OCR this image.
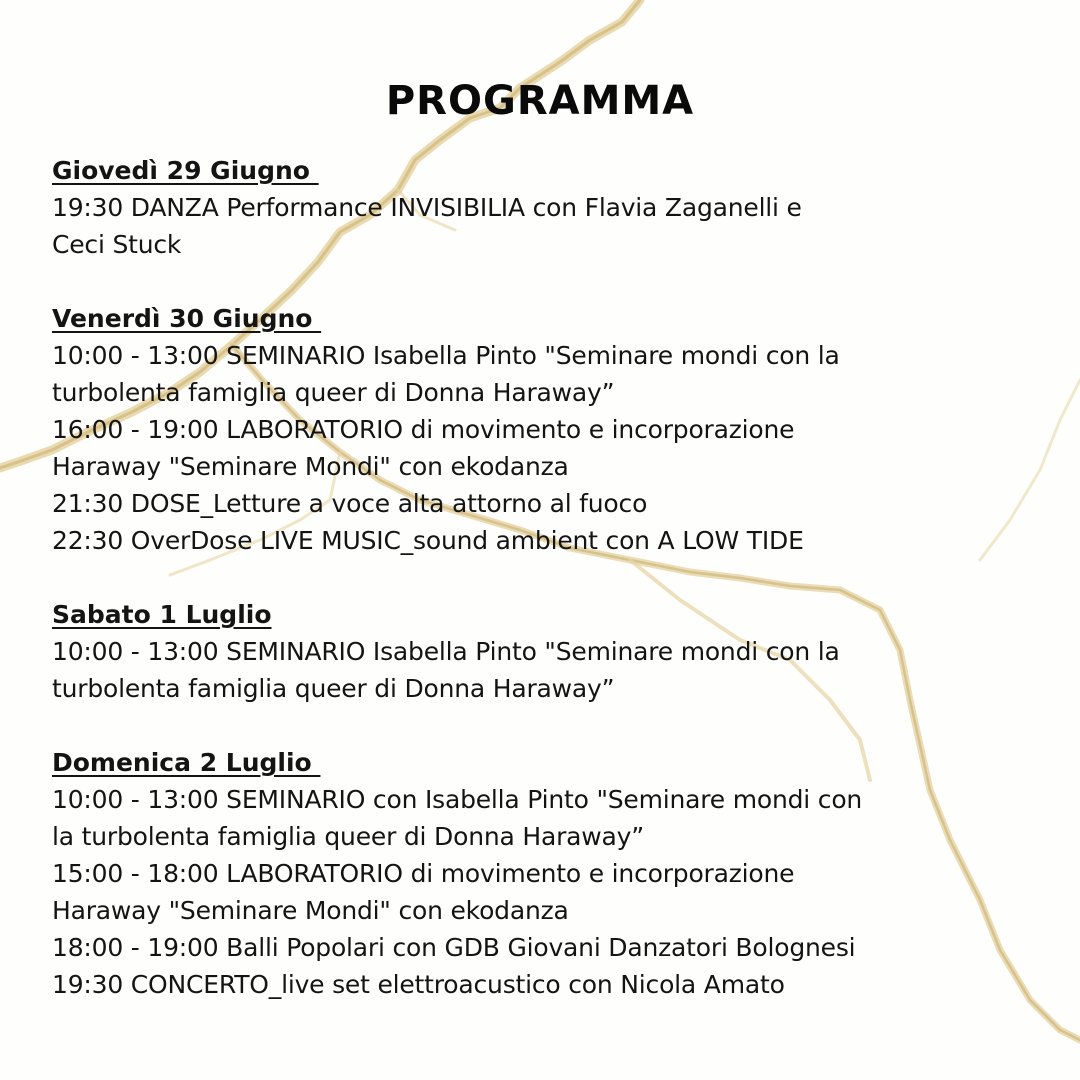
PROGRAMMA

Giovedì 29 Giugno

19:30 DANZA Performance INVISIBILIA con Flavia Zaganelli e

Ceci Stuck

Venerdì 30 Giugno

10:00 - 13:00 SEMINARIO Isabella Pinto "Seminare mondi con la

turbolenta famiglia queer di Donna Haraway”

16:00 - 19:00 LABORATORIO di movimento e incorporazione

Haraway "Seminare Mondi" con ekodanza

21:30 DOSE_Letture a voce alta attorno al fuoco

22:30 OverDose LIVE MUSIC_sound ambient con A LOW TIDE

Sabato 1 Luglio

10:00 - 13:00 SEMINARIO Isabella Pinto "Seminare mondi con la

turbolenta famiglia queer di Donna Haraway”

Domenica 2 Luglio

10:00 - 13:00 SEMINARIO con Isabella Pinto "Seminare mondi con

la turbolenta famiglia queer di Donna Haraway”

15:00 - 18:00 LABORATORIO di movimento e incorporazione

Haraway "Seminare Mondi" con ekodanza

18:00 - 19:00 Balli Popolari con GDB Giovani Danzatori Bolognesi

19:30 CONCERTO_live set elettroacustico con Nicola Amato
